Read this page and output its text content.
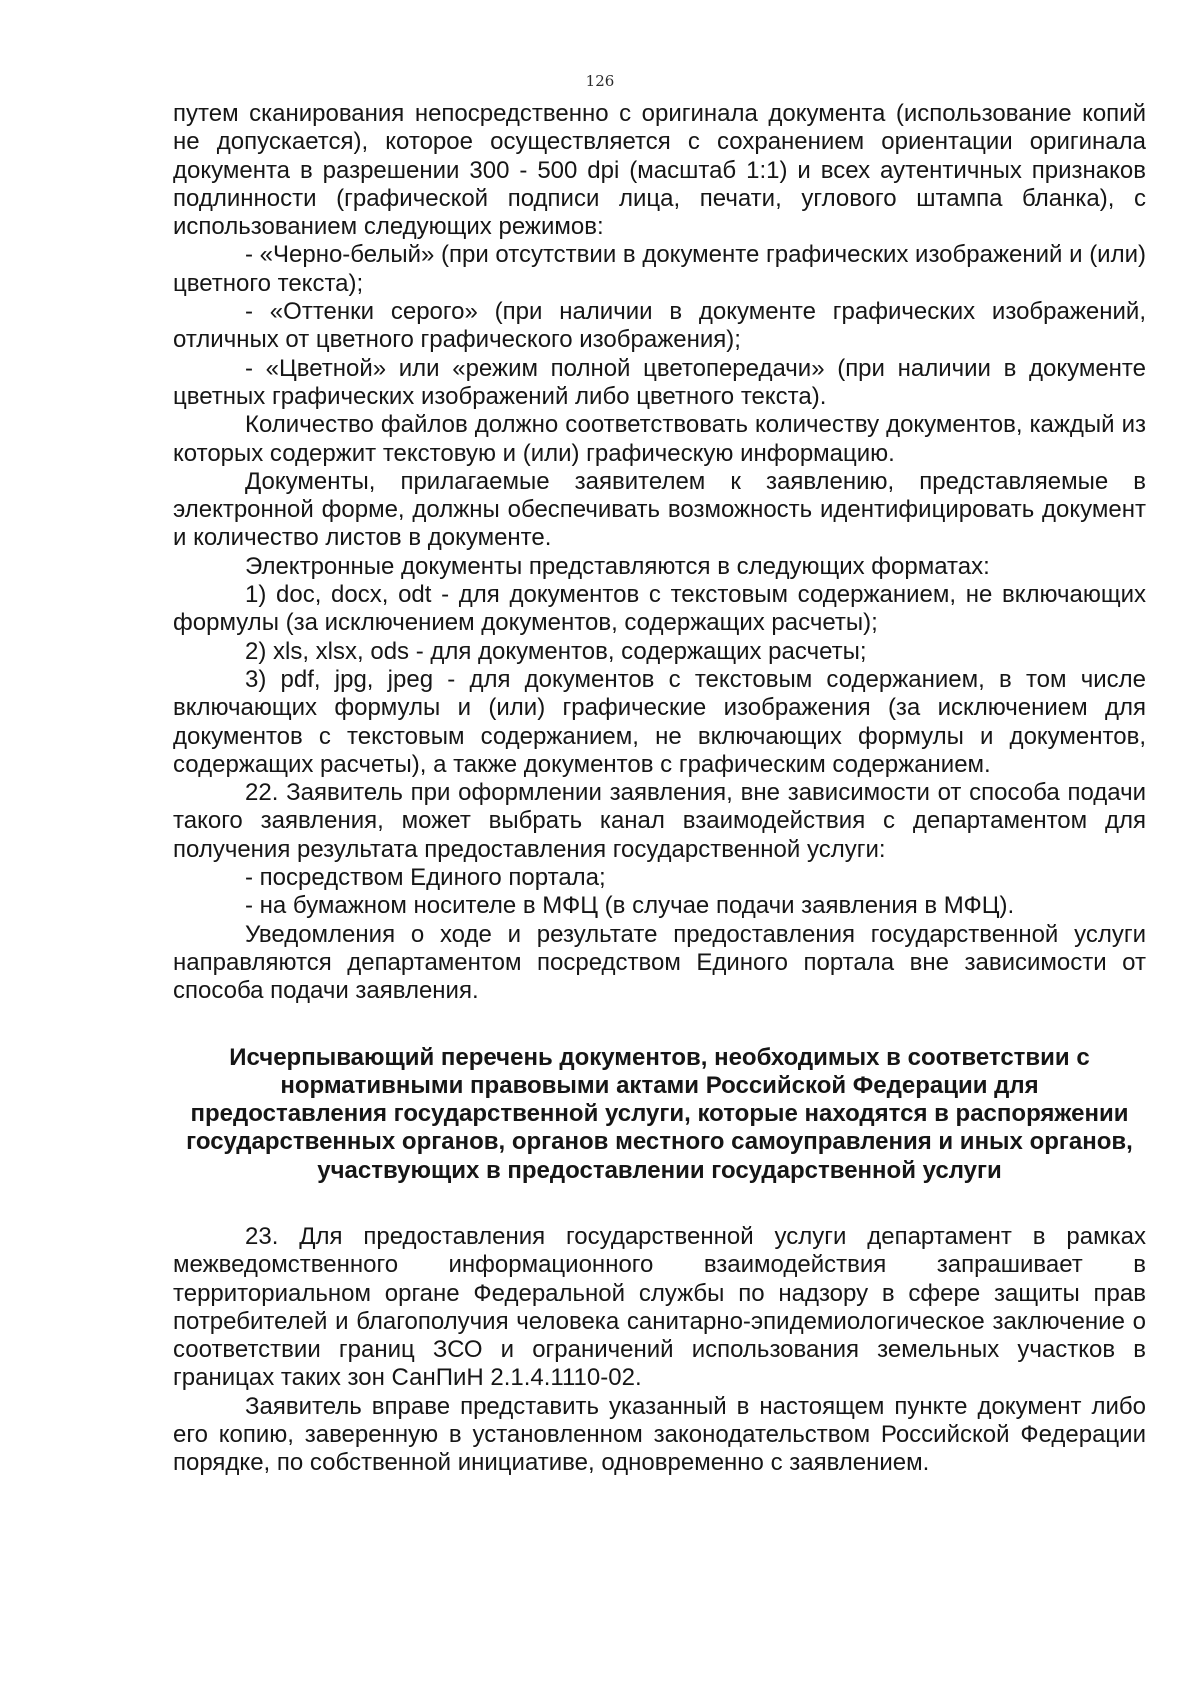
126

путем сканирования непосредственно с оригинала документа (использование копий не допускается), которое осуществляется с сохранением ориентации оригинала документа в разрешении 300 - 500 dpi (масштаб 1:1) и всех аутентичных признаков подлинности (графической подписи лица, печати, углового штампа бланка), с использованием следующих режимов:

- «Черно-белый» (при отсутствии в документе графических изображений и (или) цветного текста);

- «Оттенки серого» (при наличии в документе графических изображений, отличных от цветного графического изображения);

- «Цветной» или «режим полной цветопередачи» (при наличии в документе цветных графических изображений либо цветного текста).

Количество файлов должно соответствовать количеству документов, каждый из которых содержит текстовую и (или) графическую информацию.

Документы, прилагаемые заявителем к заявлению, представляемые в электронной форме, должны обеспечивать возможность идентифицировать документ и количество листов в документе.

Электронные документы представляются в следующих форматах:

1) doc, docx, odt - для документов с текстовым содержанием, не включающих формулы (за исключением документов, содержащих расчеты);

2) xls, xlsx, ods - для документов, содержащих расчеты;

3) pdf, jpg, jpeg - для документов с текстовым содержанием, в том числе включающих формулы и (или) графические изображения (за исключением для документов с текстовым содержанием, не включающих формулы и документов, содержащих расчеты), а также документов с графическим содержанием.

22. Заявитель при оформлении заявления, вне зависимости от способа подачи такого заявления, может выбрать канал взаимодействия с департаментом для получения результата предоставления государственной услуги:

- посредством Единого портала;

- на бумажном носителе в МФЦ (в случае подачи заявления в МФЦ).

Уведомления о ходе и результате предоставления государственной услуги направляются департаментом посредством Единого портала вне зависимости от способа подачи заявления.

Исчерпывающий перечень документов, необходимых в соответствии с нормативными правовыми актами Российской Федерации для предоставления государственной услуги, которые находятся в распоряжении государственных органов, органов местного самоуправления и иных органов, участвующих в предоставлении государственной услуги

23. Для предоставления государственной услуги департамент в рамках межведомственного информационного взаимодействия запрашивает в территориальном органе Федеральной службы по надзору в сфере защиты прав потребителей и благополучия человека санитарно-эпидемиологическое заключение о соответствии границ ЗСО и ограничений использования земельных участков в границах таких зон СанПиН 2.1.4.1110-02.

Заявитель вправе представить указанный в настоящем пункте документ либо его копию, заверенную в установленном законодательством Российской Федерации порядке, по собственной инициативе, одновременно с заявлением.
